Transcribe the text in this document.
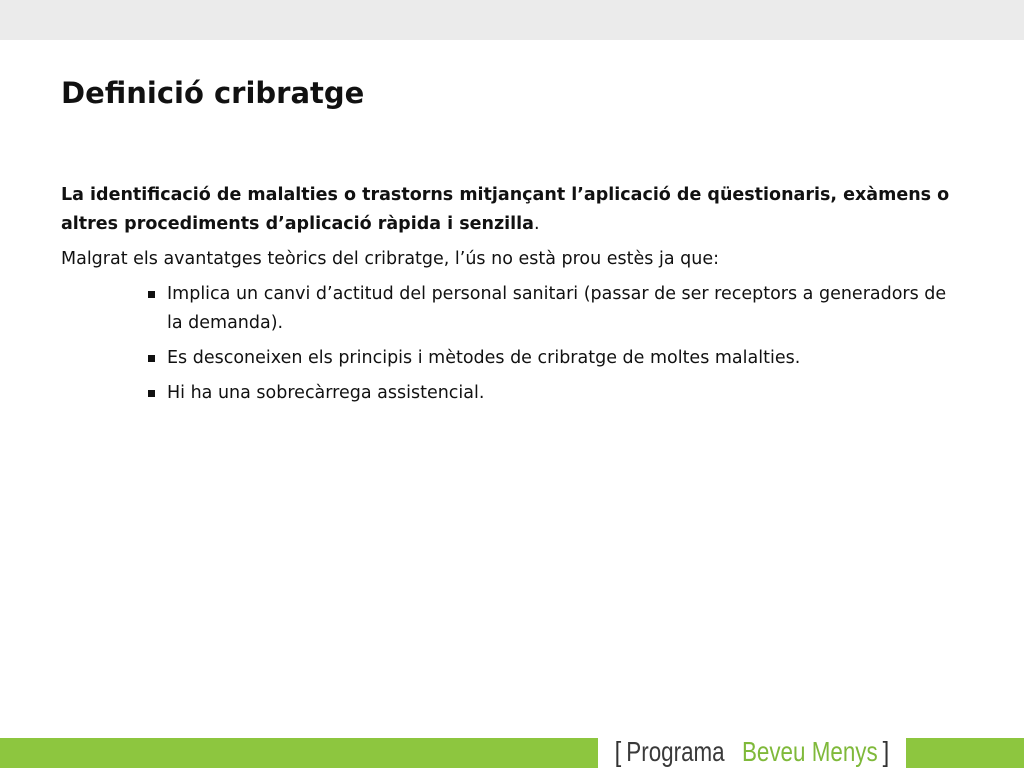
Definició cribratge

La identificació de malalties o trastorns mitjançant l’aplicació de qüestionaris, exàmens o altres procediments d’aplicació ràpida i senzilla.

Malgrat els avantatges teòrics del cribratge, l’ús no està prou estès ja que:

Implica un canvi d’actitud del personal sanitari (passar de ser receptors a generadors de la demanda).
Es desconeixen els principis i mètodes de cribratge de moltes malalties.
Hi ha una sobrecàrrega assistencial.
[ Programa Beveu Menys ]
